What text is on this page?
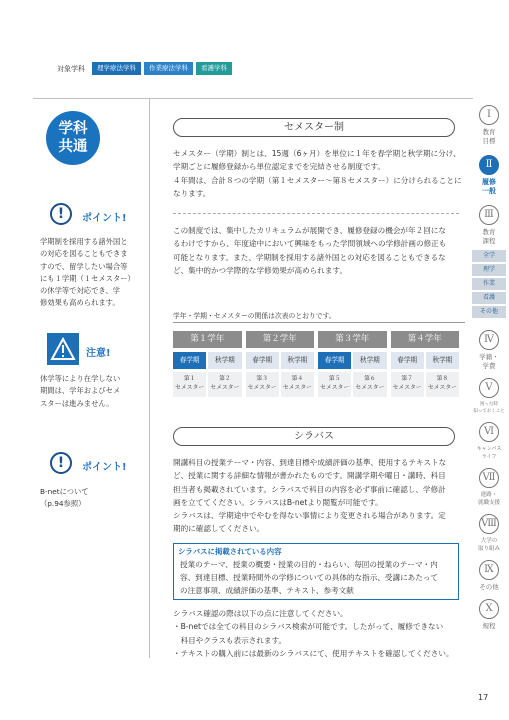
対象学科	理学療法学科	作業療法学科	看護学科
学科
共通
!	ポイント!
学期制を採用する諸外国と
の対応を図ることもできま
すので、留学したい場合等
にも１学期（１セメスター）
の休学等で対応でき、学
修効果も高められます。
注意!
休学等により在学しない
期間は、学年およびセメ
スターは進みません。
!	ポイント!
B-netについて
（p.94参照）
セメスター制
セメスター（学期）制とは、15週（6ヶ月）を単位に１年を春学期と秋学期に分け、
学期ごとに履修登録から単位認定までを完結させる制度です。
４年間は、合計８つの学期（第１セメスター〜第８セメスター）に分けられることに
なります。
この制度では、集中したカリキュラムが展開でき、履修登録の機会が年２回にな
るわけですから、年度途中において興味をもった学問領域への学修計画の修正も
可能となります。また、学期制を採用する諸外国との対応を図ることもできるな
ど、集中的かつ学際的な学修効果が高められます。
学年・学期・セメスターの関係は次表のとおりです。
第１学年	第２学年	第３学年	第４学年
春学期	秋学期	春学期	秋学期	春学期	秋学期	春学期	秋学期
第１
セメスター
第２
セメスター
第３
セメスター
第４
セメスター
第５
セメスター
第６
セメスター
第７
セメスター
第８
セメスター
シラバス
開講科目の授業テーマ・内容、到達目標や成績評価の基準、使用するテキストな
ど、授業に関する詳細な情報が書かれたものです。開講学期や曜日・講時、科目
担当者も掲載されています。シラバスで科目の内容を必ず事前に確認し、学修計
画を立ててください。シラバスはB-netより閲覧が可能です。
シラバスは、学期途中でやむを得ない事情により変更される場合があります。定
期的に確認してください。
シラバスに掲載されている内容
授業のテーマ、授業の概要・授業の目的・ねらい、毎回の授業のテーマ・内
容、到達目標、授業時間外の学修についての具体的な指示、受講にあたって
の注意事項、成績評価の基準、テキスト、参考文献
シラバス確認の際は以下の点に注意してください。
・B-netでは全ての科目のシラバス検索が可能です。したがって、履修できない
　科目やクラスも表示されます。
・テキストの購入前には最新のシラバスにて、使用テキストを確認してください。
Ⅰ
教育
目標
Ⅱ
履修
一般
Ⅲ
教育
課程
全学
理学
作業
看護
その他
Ⅳ
学籍・
学費
Ⅴ
困った時
知っておくこと
Ⅵ
キャンパス
ライフ
Ⅶ
進路・
就職支援
Ⅷ
大学の
取り組み
Ⅸ
その他
Ⅹ
規程
17
